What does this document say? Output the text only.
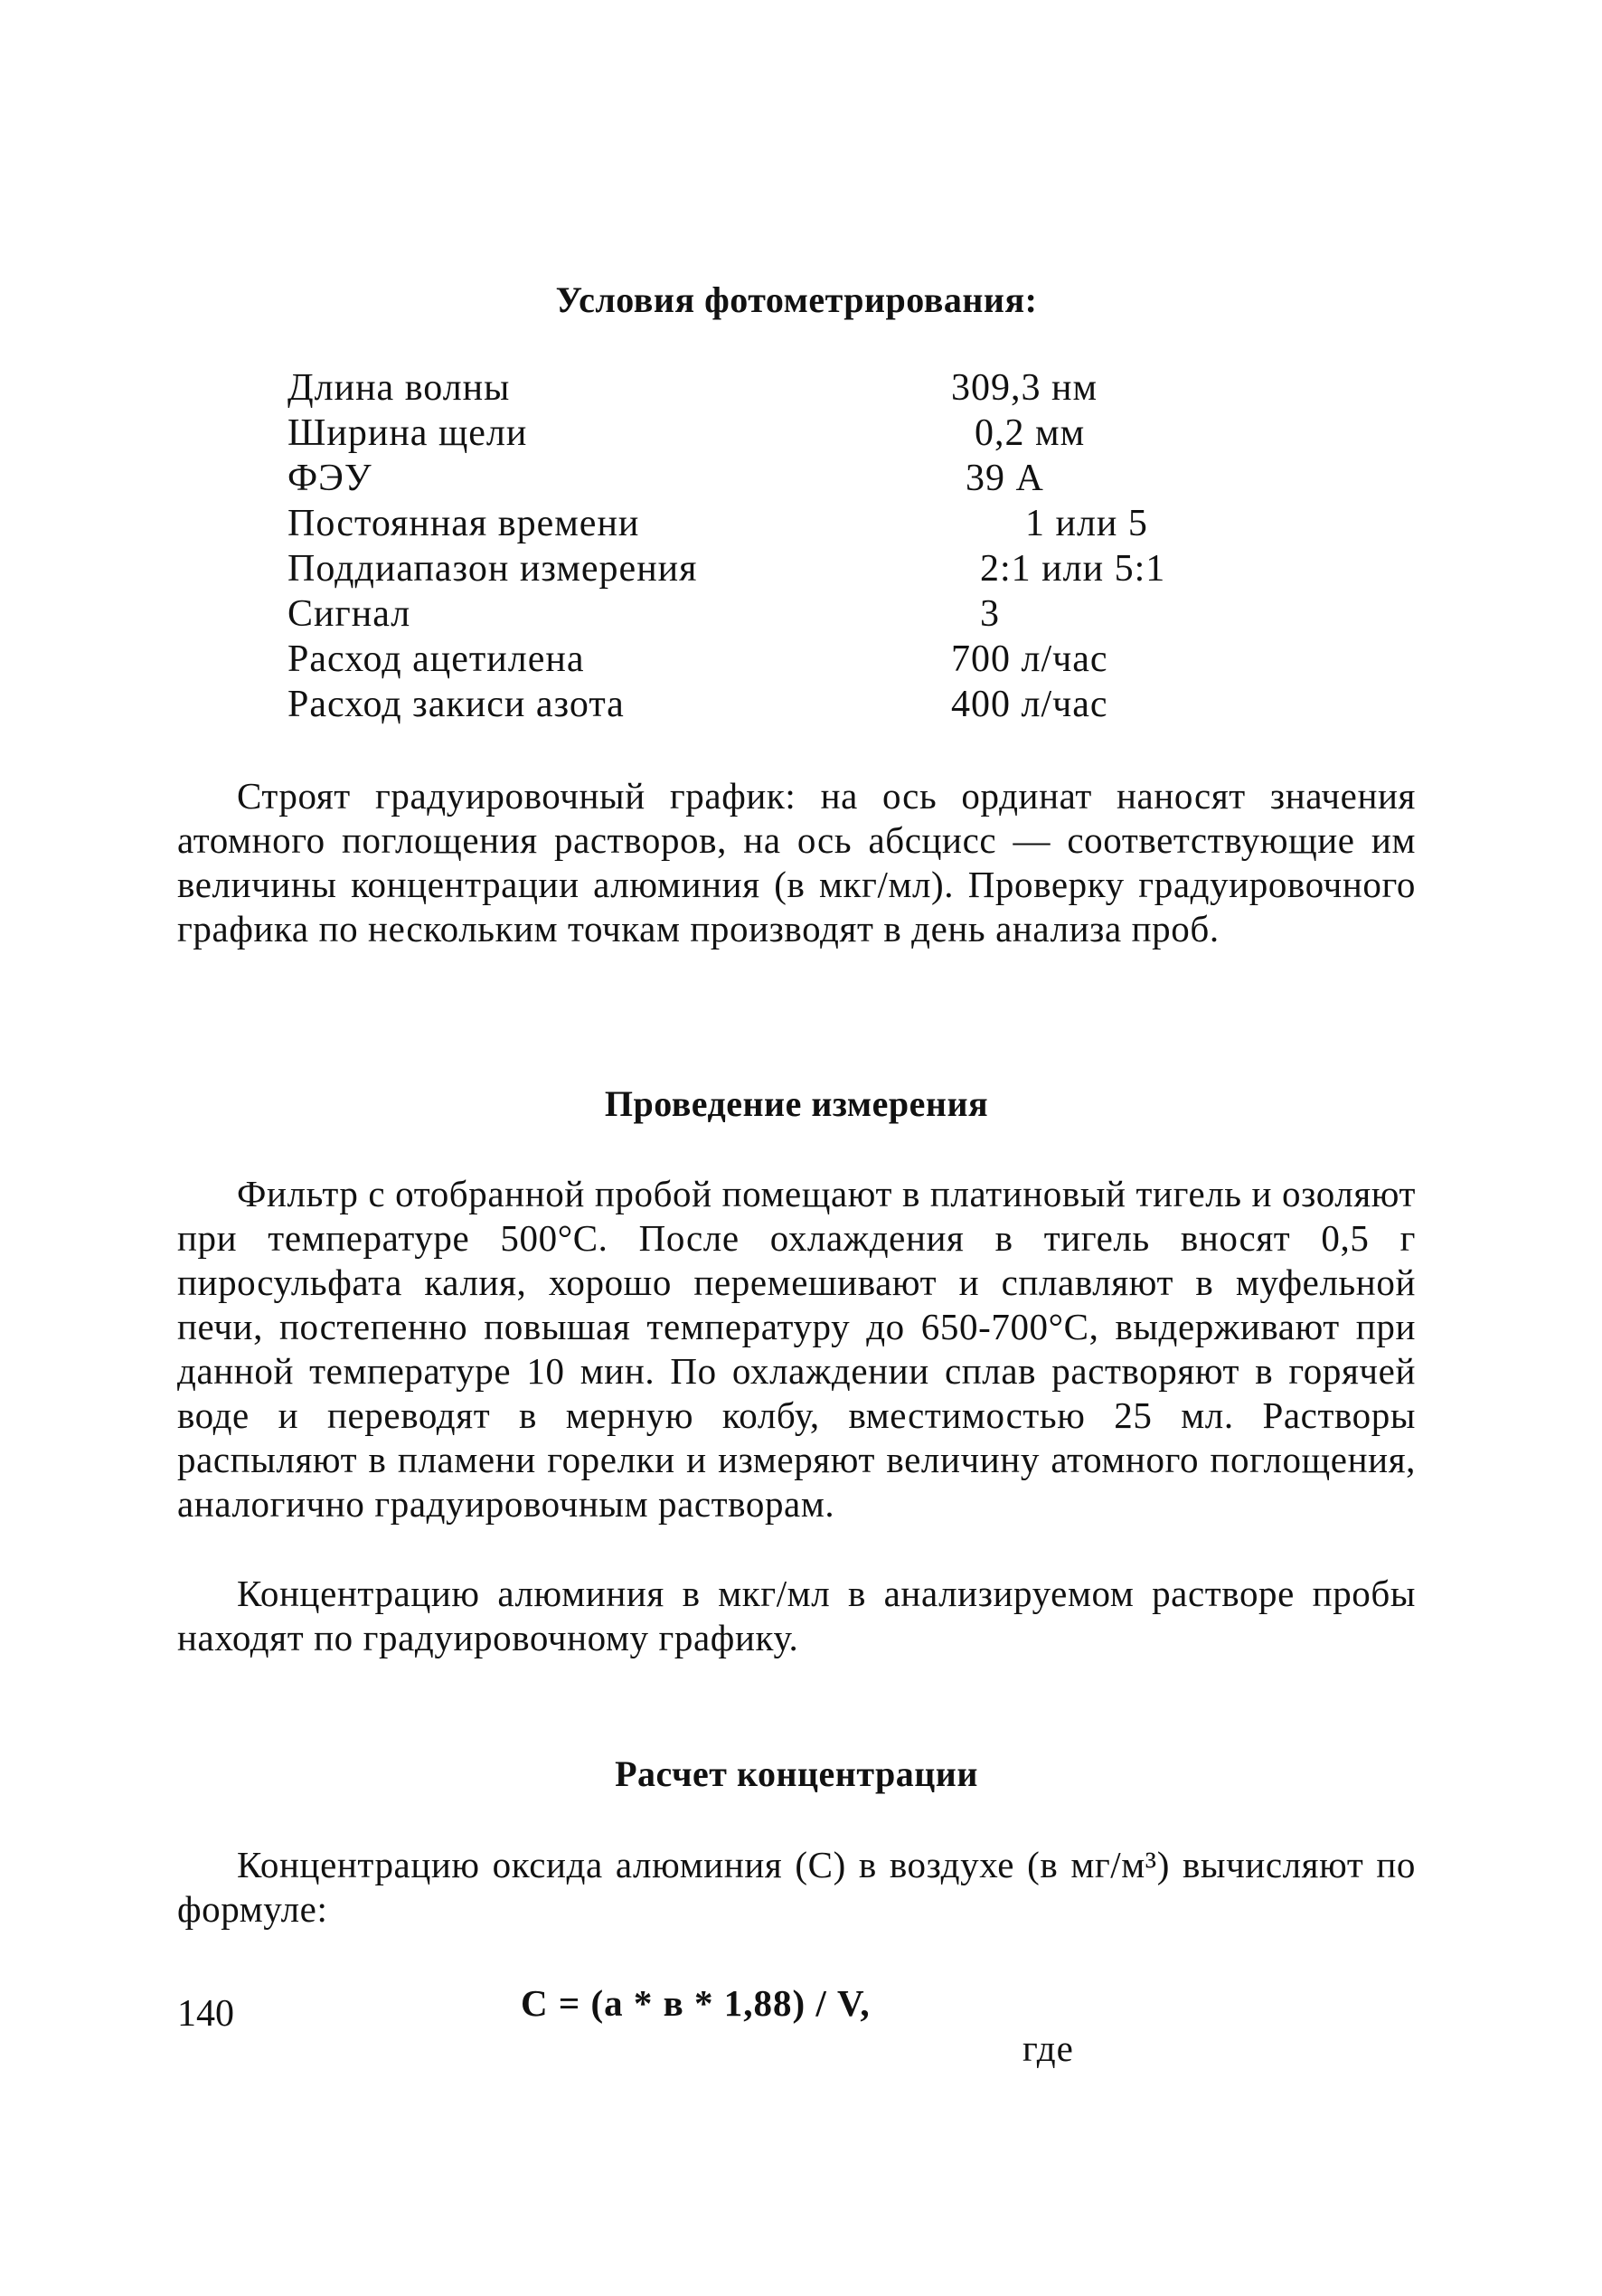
Условия фотометрирования:
Длина волны	309,3 нм
Ширина щели	0,2 мм
ФЭУ	39 А
Постоянная времени	1 или 5
Поддиапазон измерения	2:1 или 5:1
Сигнал	3
Расход ацетилена	700 л/час
Расход закиси азота	400 л/час

Строят градуировочный график: на ось ординат наносят значения атомного поглощения растворов, на ось абсцисс — соответствующие им величины концентрации алюминия (в мкг/мл). Проверку градуировочного графика по нескольким точкам производят в день анализа проб.

Проведение измерения

Фильтр с отобранной пробой помещают в платиновый тигель и озоляют при температуре 500°С. После охлаждения в тигель вносят 0,5 г пиросульфата калия, хорошо перемешивают и сплавляют в муфельной печи, постепенно повышая температуру до 650-700°С, выдерживают при данной температуре 10 мин. По охлаждении сплав растворяют в горячей воде и переводят в мерную колбу, вместимостью 25 мл. Растворы распыляют в пламени горелки и измеряют величину атомного поглощения, аналогично градуировочным растворам.

Концентрацию алюминия в мкг/мл в анализируемом растворе пробы находят по градуировочному графику.

Расчет концентрации

Концентрацию оксида алюминия (С) в воздухе (в мг/м³) вычисляют по формуле:

С = (а * в * 1,88) / V,

где

140
